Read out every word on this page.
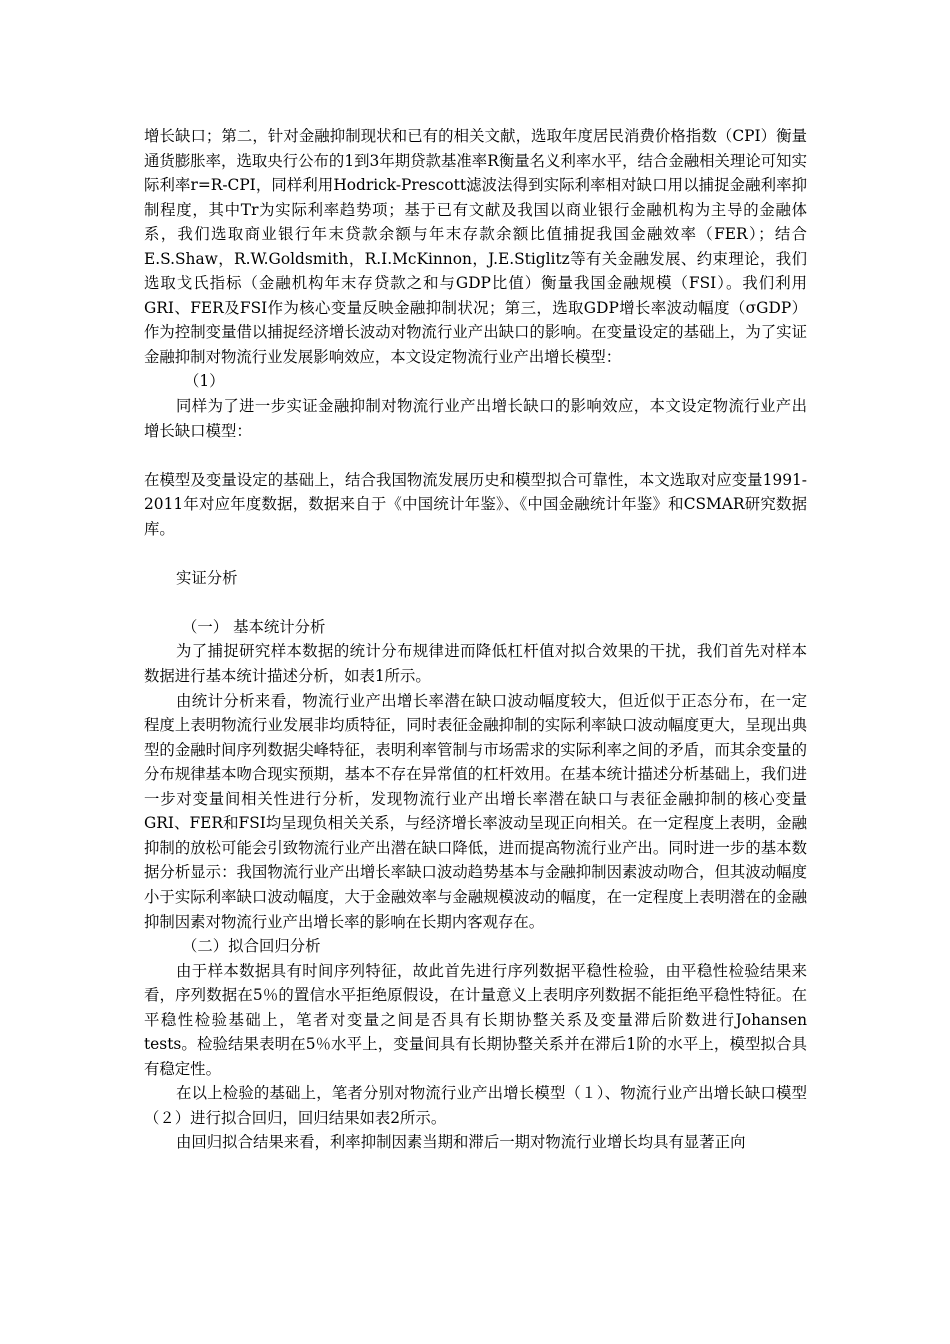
增长缺口；第二，针对金融抑制现状和已有的相关文献，选取年度居民消费价格指数（CPI）衡量通货膨胀率，选取央行公布的1到3年期贷款基准率R衡量名义利率水平，结合金融相关理论可知实际利率r=R-CPI，同样利用Hodrick-Prescott滤波法得到实际利率相对缺口用以捕捉金融利率抑制程度，其中Tr为实际利率趋势项；基于已有文献及我国以商业银行金融机构为主导的金融体系，我们选取商业银行年末贷款余额与年末存款余额比值捕捉我国金融效率（FER）；结合E.S.Shaw，R.W.Goldsmith，R.I.McKinnon，J.E.Stiglitz等有关金融发展、约束理论，我们选取戈氏指标（金融机构年末存贷款之和与GDP比值）衡量我国金融规模（FSI）。我们利用GRI、FER及FSI作为核心变量反映金融抑制状况；第三，选取GDP增长率波动幅度（σGDP）作为控制变量借以捕捉经济增长波动对物流行业产出缺口的影响。在变量设定的基础上，为了实证金融抑制对物流行业发展影响效应，本文设定物流行业产出增长模型：

（1）

同样为了进一步实证金融抑制对物流行业产出增长缺口的影响效应，本文设定物流行业产出增长缺口模型：

在模型及变量设定的基础上，结合我国物流发展历史和模型拟合可靠性，本文选取对应变量1991-2011年对应年度数据，数据来自于《中国统计年鉴》、《中国金融统计年鉴》和CSMAR研究数据库。

实证分析

（一） 基本统计分析

为了捕捉研究样本数据的统计分布规律进而降低杠杆值对拟合效果的干扰，我们首先对样本数据进行基本统计描述分析，如表1所示。

由统计分析来看，物流行业产出增长率潜在缺口波动幅度较大，但近似于正态分布，在一定程度上表明物流行业发展非均质特征，同时表征金融抑制的实际利率缺口波动幅度更大，呈现出典型的金融时间序列数据尖峰特征，表明利率管制与市场需求的实际利率之间的矛盾，而其余变量的分布规律基本吻合现实预期，基本不存在异常值的杠杆效用。在基本统计描述分析基础上，我们进一步对变量间相关性进行分析，发现物流行业产出增长率潜在缺口与表征金融抑制的核心变量GRI、FER和FSI均呈现负相关关系，与经济增长率波动呈现正向相关。在一定程度上表明，金融抑制的放松可能会引致物流行业产出潜在缺口降低，进而提高物流行业产出。同时进一步的基本数据分析显示：我国物流行业产出增长率缺口波动趋势基本与金融抑制因素波动吻合，但其波动幅度小于实际利率缺口波动幅度，大于金融效率与金融规模波动的幅度，在一定程度上表明潜在的金融抑制因素对物流行业产出增长率的影响在长期内客观存在。

（二）拟合回归分析

由于样本数据具有时间序列特征，故此首先进行序列数据平稳性检验，由平稳性检验结果来看，序列数据在5％的置信水平拒绝原假设，在计量意义上表明序列数据不能拒绝平稳性特征。在平稳性检验基础上，笔者对变量之间是否具有长期协整关系及变量滞后阶数进行Johansen tests。检验结果表明在5％水平上，变量间具有长期协整关系并在滞后1阶的水平上，模型拟合具有稳定性。

在以上检验的基础上，笔者分别对物流行业产出增长模型（１）、物流行业产出增长缺口模型（２）进行拟合回归，回归结果如表2所示。

由回归拟合结果来看，利率抑制因素当期和滞后一期对物流行业增长均具有显著正向
